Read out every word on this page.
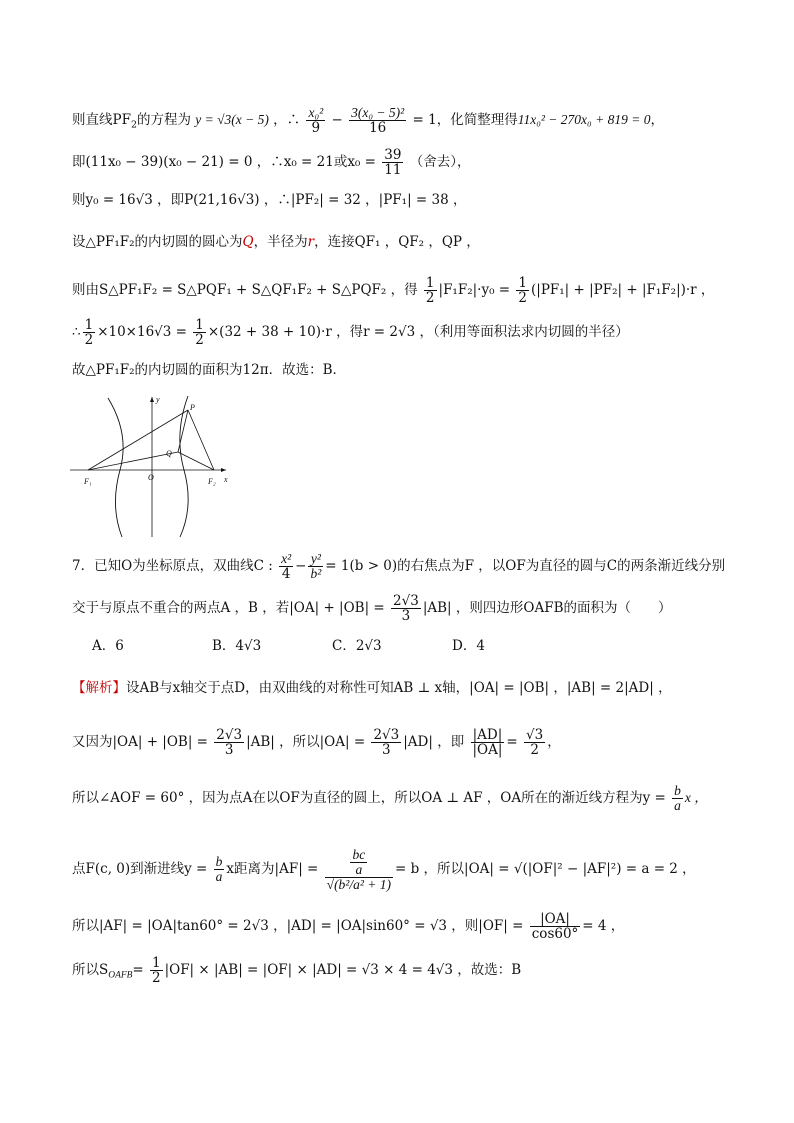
则直线$PF_2$的方程为 y = √3(x − 5) ，∴ $\frac{\text{x₀²}}{9} - \frac{\text{3(x₀ − 5)²}}{16} = 1$，化简整理得11x₀² − 270x₀ + 819 = 0，
即(11x₀ − 39)(x₀ − 21) = 0 ，∴x₀ = 21或$x_0 = \frac{39}{11}$ （舍去），
则y₀ = 16√3 ，即P(21,16√3) ，∴|PF₂| = 32 ，|PF₁| = 38 ，
设△PF₁F₂的内切圆的圆心为Q，半径为r，连接QF₁ ，QF₂ ，QP ，
则由S△PF₁F₂ = S△PQF₁ + S△QF₁F₂ + S△PQF₂ ，得 $\frac{1}{2} |F_1F_2|\cdot y_0 = \frac{1}{2} (|PF_1| + |PF_2| + |F_1F_2|)\cdot r$ ，
∴ $\frac{1}{2} \times 10\times 16√3 = \frac{1}{2} \times(32 + 38 + 10)\cdot r$ ，得r = 2√3 ，（利用等面积法求内切圆的半径）
故△PF₁F₂的内切圆的面积为12π．故选：B．
y
x
P
Q
O
F₁	F₂
7．已知O为坐标原点，双曲线C : $\frac{\text{x²}}{4} - \frac{\text{y²}}{\text{b²}} = 1(b > 0)$的右焦点为F ，以OF为直径的圆与C的两条渐近线分别
交于与原点不重合的两点A ，B ，若$|OA| + |OB| = \frac{2√3}{3} |AB|$ ，则四边形OAFB的面积为（　　）
A．6	B．4√3	C．2√3	D．4
【解析】设AB与x轴交于点D，由双曲线的对称性可知AB ⊥ x轴，|OA| = |OB| ，|AB| = 2|AD| ，
又因为$|OA| + |OB| = \frac{2√3}{3} |AB|$ ，所以$|OA| = \frac{2√3}{3} |AD|$ ，即 $\frac{|AD|}{|OA|} = \frac{√3}{2}$ ，
所以∠AOF = 60° ，因为点A在以OF为直径的圆上，所以OA ⊥ AF ，OA所在的渐近线方程为$y = \frac{b}{a}$ x ，
点F(c, 0)到渐进线$y = \frac{b}{a}$ x距离为$|AF| = \frac{\frac{bc}{a}}{\text{√(b²/a² + 1)}} = b$ ，所以|OA| = √(|OF|² − |AF|²) = a = 2 ，
所以|AF| = |OA|tan60° = 2√3 ，|AD| = |OA|sin60° = √3 ，则$|OF| = \frac{|OA|}{\cos 60^\circ} = 4$ ，
所以$S_{OAFB}= \frac{1}{2} |OF| \times |AB| = |OF| \times |AD| = √3 \times 4 = 4√3$ ，故选：B
